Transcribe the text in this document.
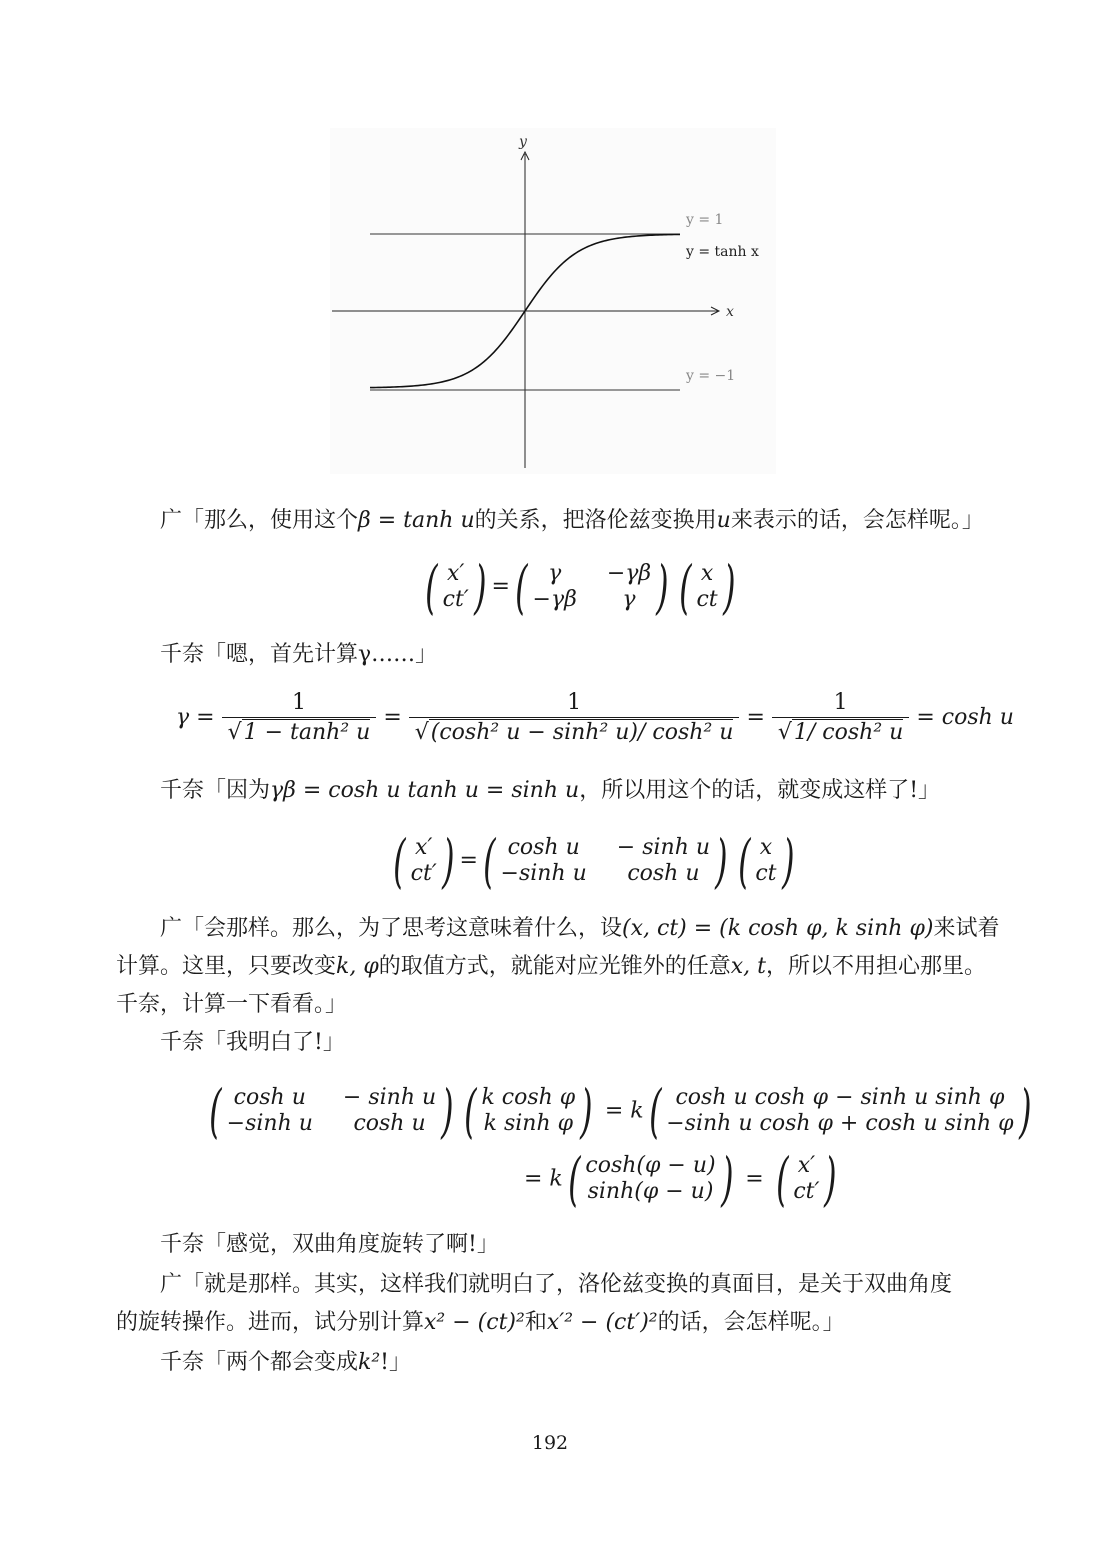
y
x
y = 1
y = tanh x
y = −1
广「那么，使用这个β = tanh u的关系，把洛伦兹变换用u来表示的话，会怎样呢。」
( x′
ct′ ) = ( γ	−γβ
−γβ	γ ) ( x
ct )
千奈「嗯，首先计算γ……」
$\gamma = \frac{1}{\text{√1 − tanh² u}} = \frac{1}{\text{√(cosh² u − sinh² u)/ cosh² u}} = \frac{1}{\text{√1/ cosh² u}} = \cosh u$
千奈「因为γβ = cosh u tanh u = sinh u，所以用这个的话，就变成这样了!」
( x′
ct′ ) = ( cosh u	− sinh u
−sinh u	cosh u ) ( x
ct )
广「会那样。那么，为了思考这意味着什么，设(x, ct) = (k cosh φ, k sinh φ)来试着
计算。这里，只要改变k, φ的取值方式，就能对应光锥外的任意x, t，所以不用担心那里。
千奈，计算一下看看。」
千奈「我明白了!」
( cosh u	− sinh u
−sinh u	cosh u ) ( k cosh φ
k sinh φ ) = k ( cosh u cosh φ − sinh u sinh φ
−sinh u cosh φ + cosh u sinh φ )
= k ( cosh(φ − u)
sinh(φ − u) ) = ( x′
ct′ )
千奈「感觉，双曲角度旋转了啊!」
广「就是那样。其实，这样我们就明白了，洛伦兹变换的真面目，是关于双曲角度
的旋转操作。进而，试分别计算x² − (ct)²和x′² − (ct′)²的话，会怎样呢。」
千奈「两个都会变成k²!」
192
